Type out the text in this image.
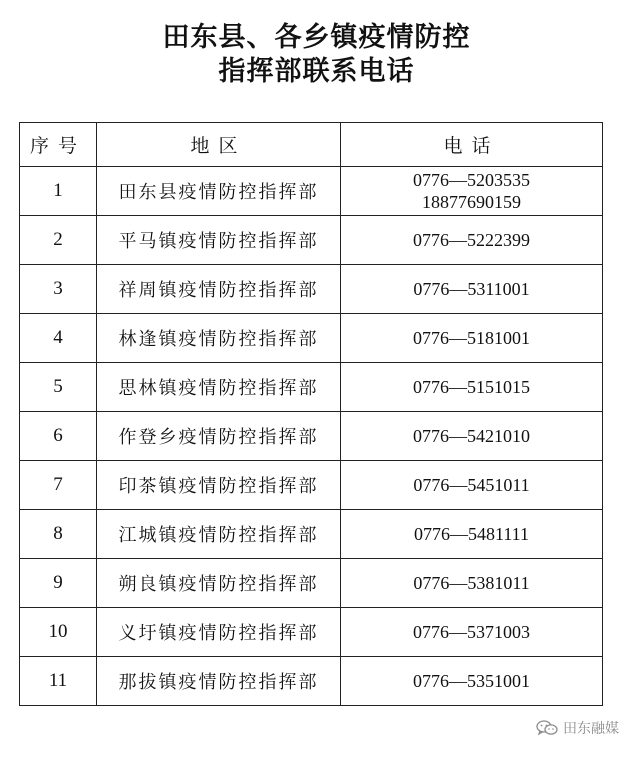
田东县、各乡镇疫情防控
指挥部联系电话
序号	地区	电话
1	田东县疫情防控指挥部	0776—5203535
18877690159

2	平马镇疫情防控指挥部	0776—5222399

3	祥周镇疫情防控指挥部	0776—5311001

4	林逢镇疫情防控指挥部	0776—5181001

5	思林镇疫情防控指挥部	0776—5151015

6	作登乡疫情防控指挥部	0776—5421010

7	印茶镇疫情防控指挥部	0776—5451011

8	江城镇疫情防控指挥部	0776—5481111

9	朔良镇疫情防控指挥部	0776—5381011

10	义圩镇疫情防控指挥部	0776—5371003

11	那拔镇疫情防控指挥部	0776—5351001
田东融媒
